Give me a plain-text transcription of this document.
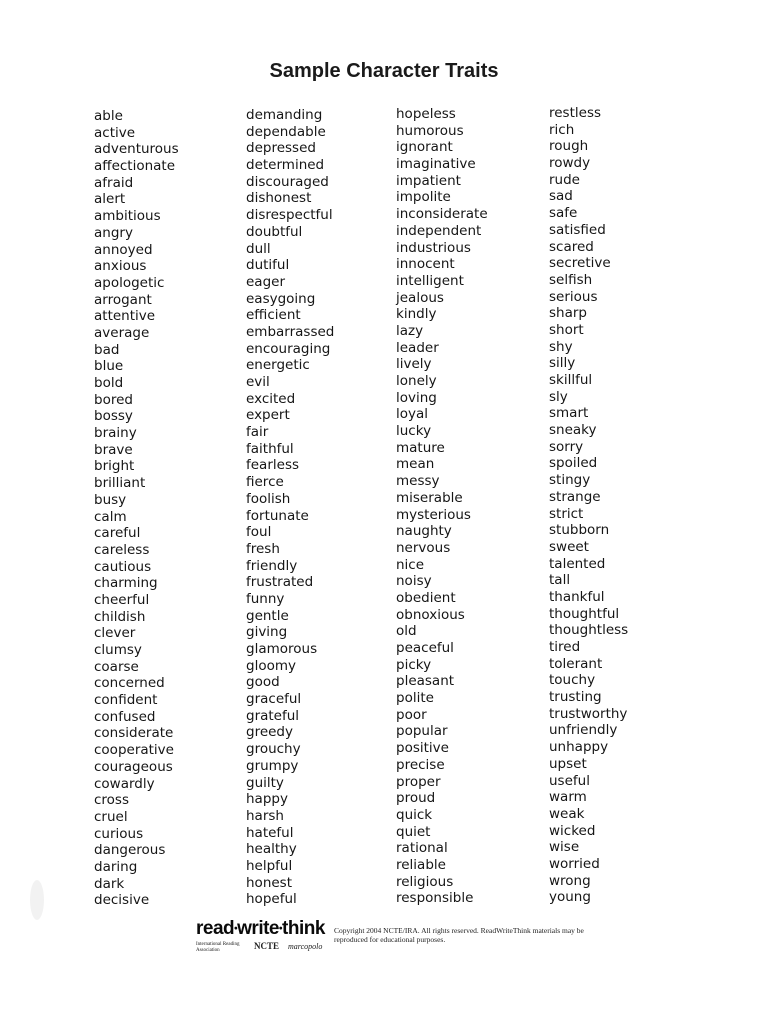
Sample Character Traits
able
active
adventurous
affectionate
afraid
alert
ambitious
angry
annoyed
anxious
apologetic
arrogant
attentive
average
bad
blue
bold
bored
bossy
brainy
brave
bright
brilliant
busy
calm
careful
careless
cautious
charming
cheerful
childish
clever
clumsy
coarse
concerned
confident
confused
considerate
cooperative
courageous
cowardly
cross
cruel
curious
dangerous
daring
dark
decisive
demanding
dependable
depressed
determined
discouraged
dishonest
disrespectful
doubtful
dull
dutiful
eager
easygoing
efficient
embarrassed
encouraging
energetic
evil
excited
expert
fair
faithful
fearless
fierce
foolish
fortunate
foul
fresh
friendly
frustrated
funny
gentle
giving
glamorous
gloomy
good
graceful
grateful
greedy
grouchy
grumpy
guilty
happy
harsh
hateful
healthy
helpful
honest
hopeful
hopeless
humorous
ignorant
imaginative
impatient
impolite
inconsiderate
independent
industrious
innocent
intelligent
jealous
kindly
lazy
leader
lively
lonely
loving
loyal
lucky
mature
mean
messy
miserable
mysterious
naughty
nervous
nice
noisy
obedient
obnoxious
old
peaceful
picky
pleasant
polite
poor
popular
positive
precise
proper
proud
quick
quiet
rational
reliable
religious
responsible
restless
rich
rough
rowdy
rude
sad
safe
satisfied
scared
secretive
selfish
serious
sharp
short
shy
silly
skillful
sly
smart
sneaky
sorry
spoiled
stingy
strange
strict
stubborn
sweet
talented
tall
thankful
thoughtful
thoughtless
tired
tolerant
touchy
trusting
trustworthy
unfriendly
unhappy
upset
useful
warm
weak
wicked
wise
worried
wrong
young
read•write•think
International Reading Association	NCTE marcopolo
Copyright 2004 NCTE/IRA. All rights reserved. ReadWriteThink materials may be reproduced for educational purposes.
